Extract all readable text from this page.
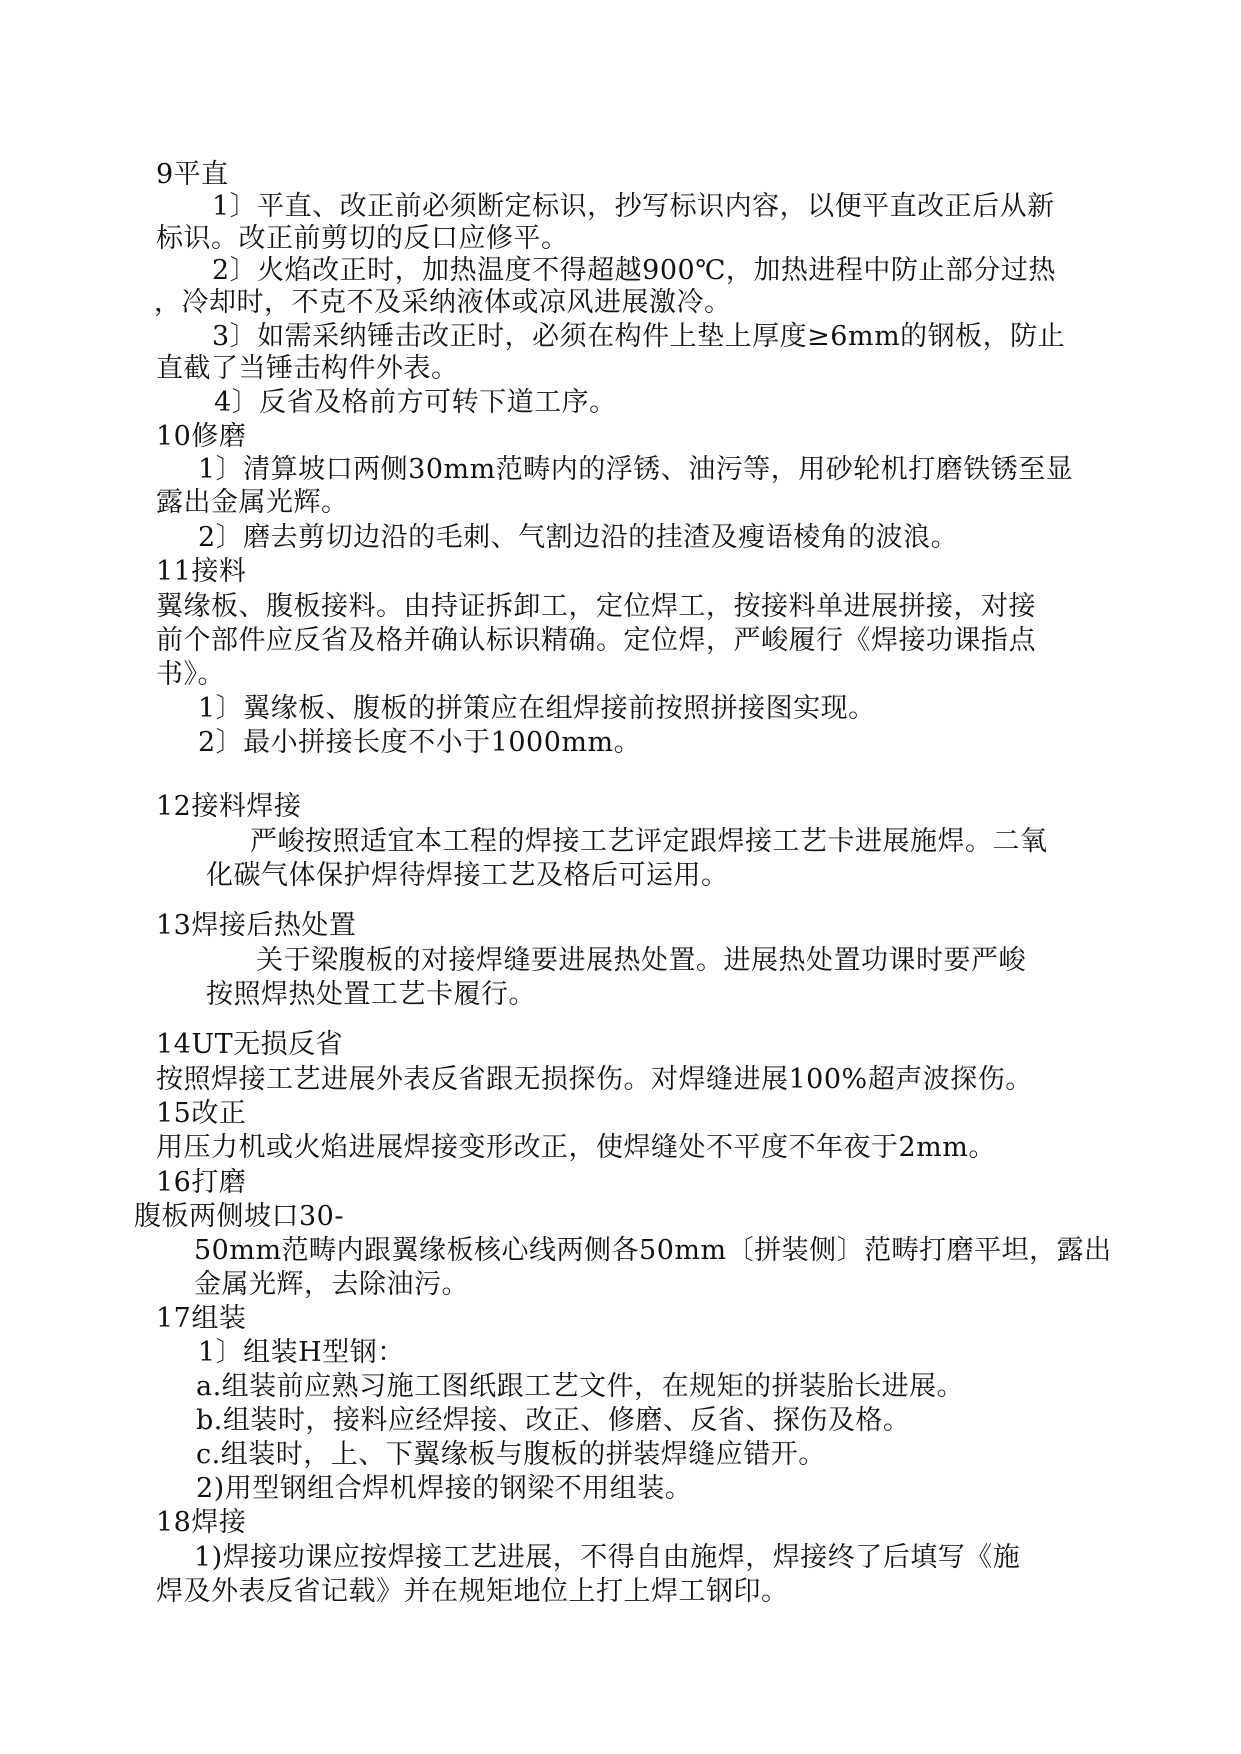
9平直
1〕平直、改正前必须断定标识，抄写标识内容，以便平直改正后从新
标识。改正前剪切的反口应修平。
2〕火焰改正时，加热温度不得超越900℃，加热进程中防止部分过热
，冷却时，不克不及采纳液体或凉风进展激冷。
3〕如需采纳锤击改正时，必须在构件上垫上厚度≥6mm的钢板，防止
直截了当锤击构件外表。
4〕反省及格前方可转下道工序。
10修磨
1〕清算坡口两侧30mm范畴内的浮锈、油污等，用砂轮机打磨铁锈至显
露出金属光辉。
2〕磨去剪切边沿的毛刺、气割边沿的挂渣及瘦语棱角的波浪。
11接料
翼缘板、腹板接料。由持证拆卸工，定位焊工，按接料单进展拼接，对接
前个部件应反省及格并确认标识精确。定位焊，严峻履行《焊接功课指点
书》。
1〕翼缘板、腹板的拼策应在组焊接前按照拼接图实现。
2〕最小拼接长度不小于1000mm。
12接料焊接
严峻按照适宜本工程的焊接工艺评定跟焊接工艺卡进展施焊。二氧
化碳气体保护焊待焊接工艺及格后可运用。
13焊接后热处置
关于梁腹板的对接焊缝要进展热处置。进展热处置功课时要严峻
按照焊热处置工艺卡履行。
14UT无损反省
按照焊接工艺进展外表反省跟无损探伤。对焊缝进展100%超声波探伤。
15改正
用压力机或火焰进展焊接变形改正，使焊缝处不平度不年夜于2mm。
16打磨
腹板两侧坡口30-
50mm范畴内跟翼缘板核心线两侧各50mm〔拼装侧〕范畴打磨平坦，露出
金属光辉，去除油污。
17组装
1〕组装H型钢：
a.组装前应熟习施工图纸跟工艺文件，在规矩的拼装胎长进展。
b.组装时，接料应经焊接、改正、修磨、反省、探伤及格。
c.组装时，上、下翼缘板与腹板的拼装焊缝应错开。
2)用型钢组合焊机焊接的钢梁不用组装。
18焊接
1)焊接功课应按焊接工艺进展，不得自由施焊，焊接终了后填写《施
焊及外表反省记载》并在规矩地位上打上焊工钢印。
